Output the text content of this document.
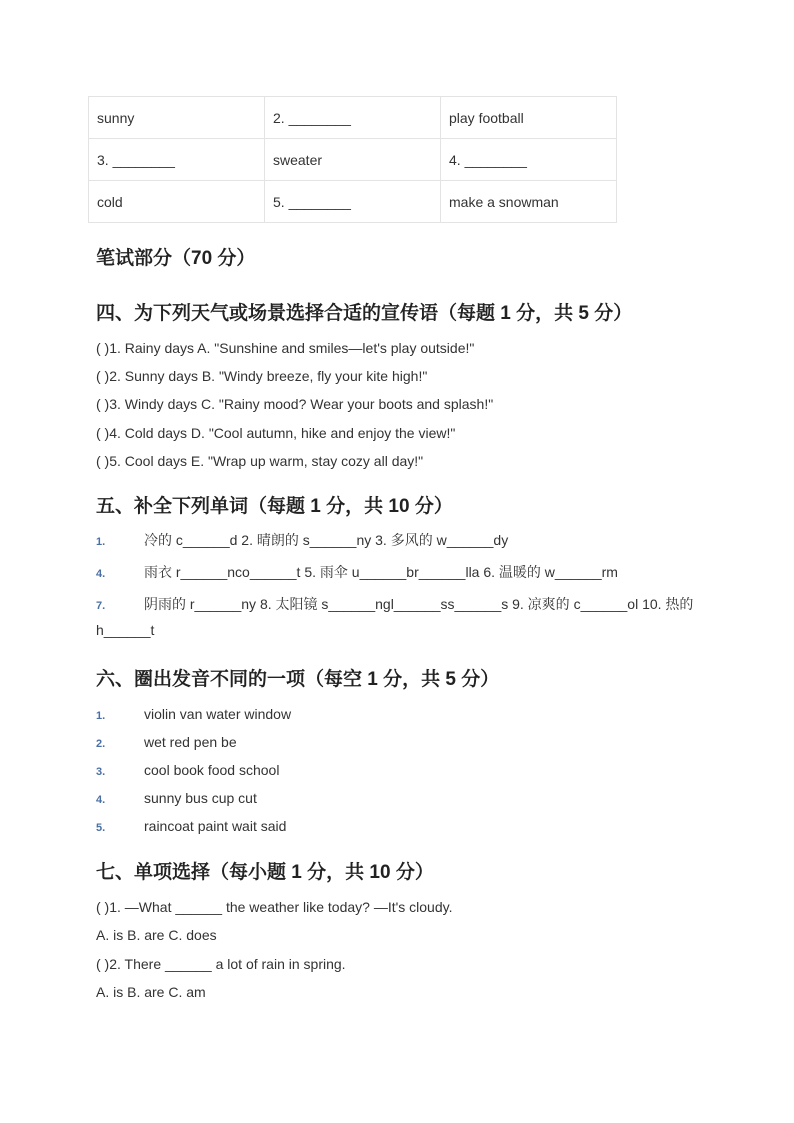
sunny	2. ________	play football
3. ________	sweater	4. ________
cold	5. ________	make a snowman
笔试部分（70 分）
四、为下列天气或场景选择合适的宣传语（每题 1 分，共 5 分）

( )1. Rainy days A. "Sunshine and smiles—let's play outside!"

( )2. Sunny days B. "Windy breeze, fly your kite high!"

( )3. Windy days C. "Rainy mood? Wear your boots and splash!"

( )4. Cold days D. "Cool autumn, hike and enjoy the view!"

( )5. Cool days E. "Wrap up warm, stay cozy all day!"

五、补全下列单词（每题 1 分，共 10 分）

1.	冷的 c______d 2. 晴朗的 s______ny 3. 多风的 w______dy

4.	雨衣 r______nco______t 5. 雨伞 u______br______lla 6. 温暖的 w______rm

7.	阴雨的 r______ny 8. 太阳镜 s______ngl______ss______s 9. 凉爽的 c______ol 10. 热的 h______t

六、圈出发音不同的一项（每空 1 分，共 5 分）

1.	violin van water window

2.	wet red pen be

3.	cool book food school

4.	sunny bus cup cut

5.	raincoat paint wait said

七、单项选择（每小题 1 分，共 10 分）

( )1. —What ______ the weather like today? —It's cloudy.

A. is B. are C. does

( )2. There ______ a lot of rain in spring.

A. is B. are C. am
